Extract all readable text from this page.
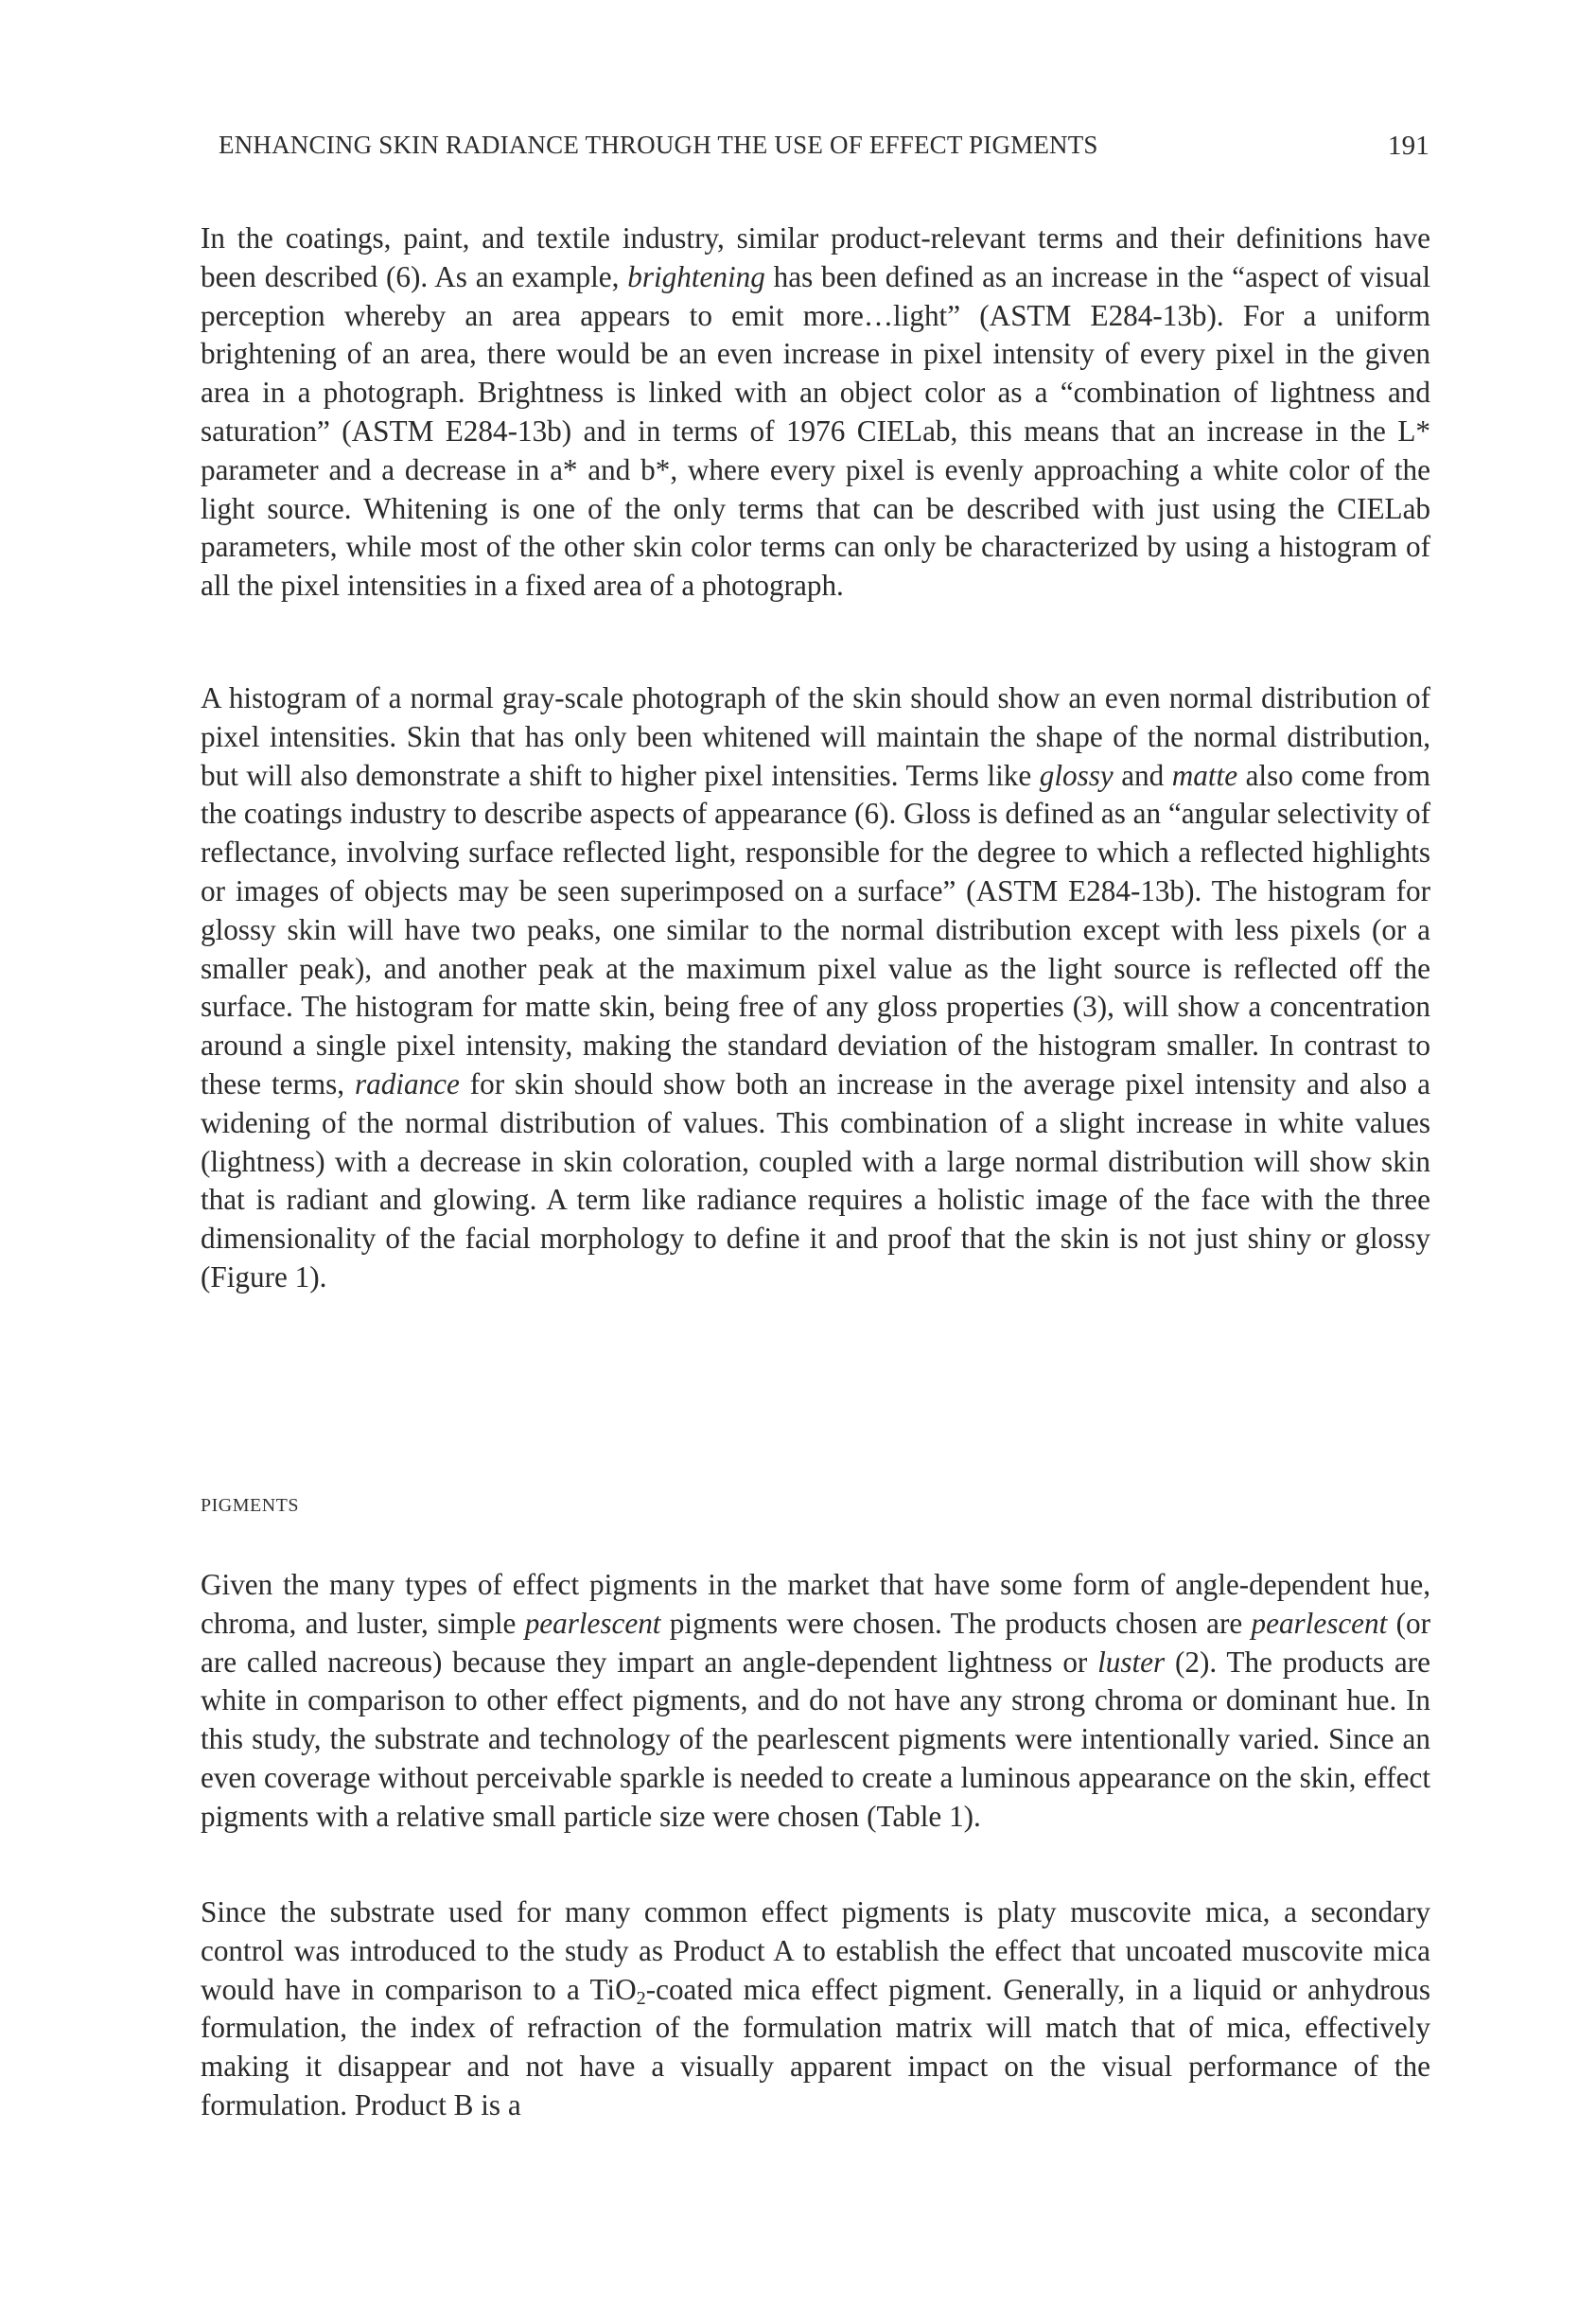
ENHANCING SKIN RADIANCE THROUGH THE USE OF EFFECT PIGMENTS	191

In the coatings, paint, and textile industry, similar product-relevant terms and their definitions have been described (6). As an example, brightening has been defined as an increase in the “aspect of visual perception whereby an area appears to emit more…light” (ASTM E284-13b). For a uniform brightening of an area, there would be an even increase in pixel intensity of every pixel in the given area in a photograph. Brightness is linked with an object color as a “combination of lightness and saturation” (ASTM E284-13b) and in terms of 1976 CIELab, this means that an increase in the L* parameter and a decrease in a* and b*, where every pixel is evenly approaching a white color of the light source. Whitening is one of the only terms that can be described with just using the CIELab parameters, while most of the other skin color terms can only be characterized by using a histogram of all the pixel intensities in a fixed area of a photograph.

A histogram of a normal gray-scale photograph of the skin should show an even normal distribution of pixel intensities. Skin that has only been whitened will maintain the shape of the normal distribution, but will also demonstrate a shift to higher pixel intensities. Terms like glossy and matte also come from the coatings industry to describe aspects of appearance (6). Gloss is defined as an “angular selectivity of reflectance, involving surface reflected light, responsible for the degree to which a reflected highlights or images of objects may be seen superimposed on a surface” (ASTM E284-13b). The histogram for glossy skin will have two peaks, one similar to the normal distribution except with less pixels (or a smaller peak), and another peak at the maximum pixel value as the light source is reflected off the surface. The histogram for matte skin, being free of any gloss properties (3), will show a concentration around a single pixel intensity, making the standard deviation of the histogram smaller. In contrast to these terms, radiance for skin should show both an increase in the average pixel intensity and also a widening of the normal distribution of values. This combination of a slight increase in white values (lightness) with a decrease in skin coloration, coupled with a large normal distribution will show skin that is radiant and glowing. A term like radiance requires a holistic image of the face with the three dimensionality of the facial morphology to define it and proof that the skin is not just shiny or glossy (Figure 1).

PIGMENTS

Given the many types of effect pigments in the market that have some form of angle-dependent hue, chroma, and luster, simple pearlescent pigments were chosen. The products chosen are pearlescent (or are called nacreous) because they impart an angle-dependent lightness or luster (2). The products are white in comparison to other effect pigments, and do not have any strong chroma or dominant hue. In this study, the substrate and technology of the pearlescent pigments were intentionally varied. Since an even coverage without perceivable sparkle is needed to create a luminous appearance on the skin, effect pigments with a relative small particle size were chosen (Table 1).

Since the substrate used for many common effect pigments is platy muscovite mica, a secondary control was introduced to the study as Product A to establish the effect that uncoated muscovite mica would have in comparison to a TiO$_2$-coated mica effect pigment. Generally, in a liquid or anhydrous formulation, the index of refraction of the formulation matrix will match that of mica, effectively making it disappear and not have a visually apparent impact on the visual performance of the formulation. Product B is a
